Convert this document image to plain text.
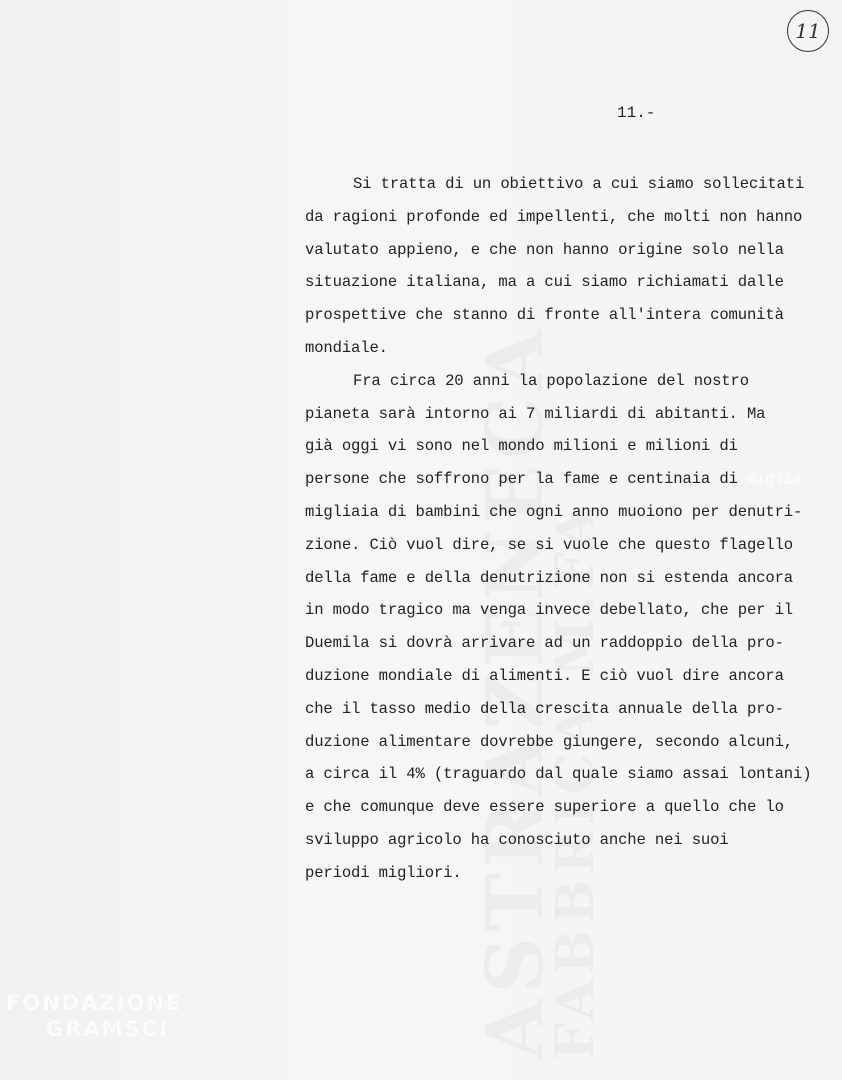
FONDAZIONE
GRAMSCI
11
11.-
Si tratta di un obiettivo a cui siamo sollecitati
da ragioni profonde ed impellenti, che molti non hanno
valutato appieno, e che non hanno origine solo nella
situazione italiana, ma a cui siamo richiamati dalle
prospettive che stanno di fronte all'intera comunità
mondiale.
Fra circa 20 anni la popolazione del nostro
pianeta sarà intorno ai 7 miliardi di abitanti. Ma
già oggi vi sono nel mondo milioni e milioni di
persone che soffrono per la fame e centinaia di miglia
migliaia di bambini che ogni anno muoiono per denutri-
zione. Ciò vuol dire, se si vuole che questo flagello
della fame e della denutrizione non si estenda ancora
in modo tragico ma venga invece debellato, che per il
Duemila si dovrà arrivare ad un raddoppio della pro-
duzione mondiale di alimenti. E ciò vuol dire ancora
che il tasso medio della crescita annuale della pro-
duzione alimentare dovrebbe giungere, secondo alcuni,
a circa il 4% (traguardo dal quale siamo assai lontani)
e che comunque deve essere superiore a quello che lo
sviluppo agricolo ha conosciuto anche nei suoi
periodi migliori.
